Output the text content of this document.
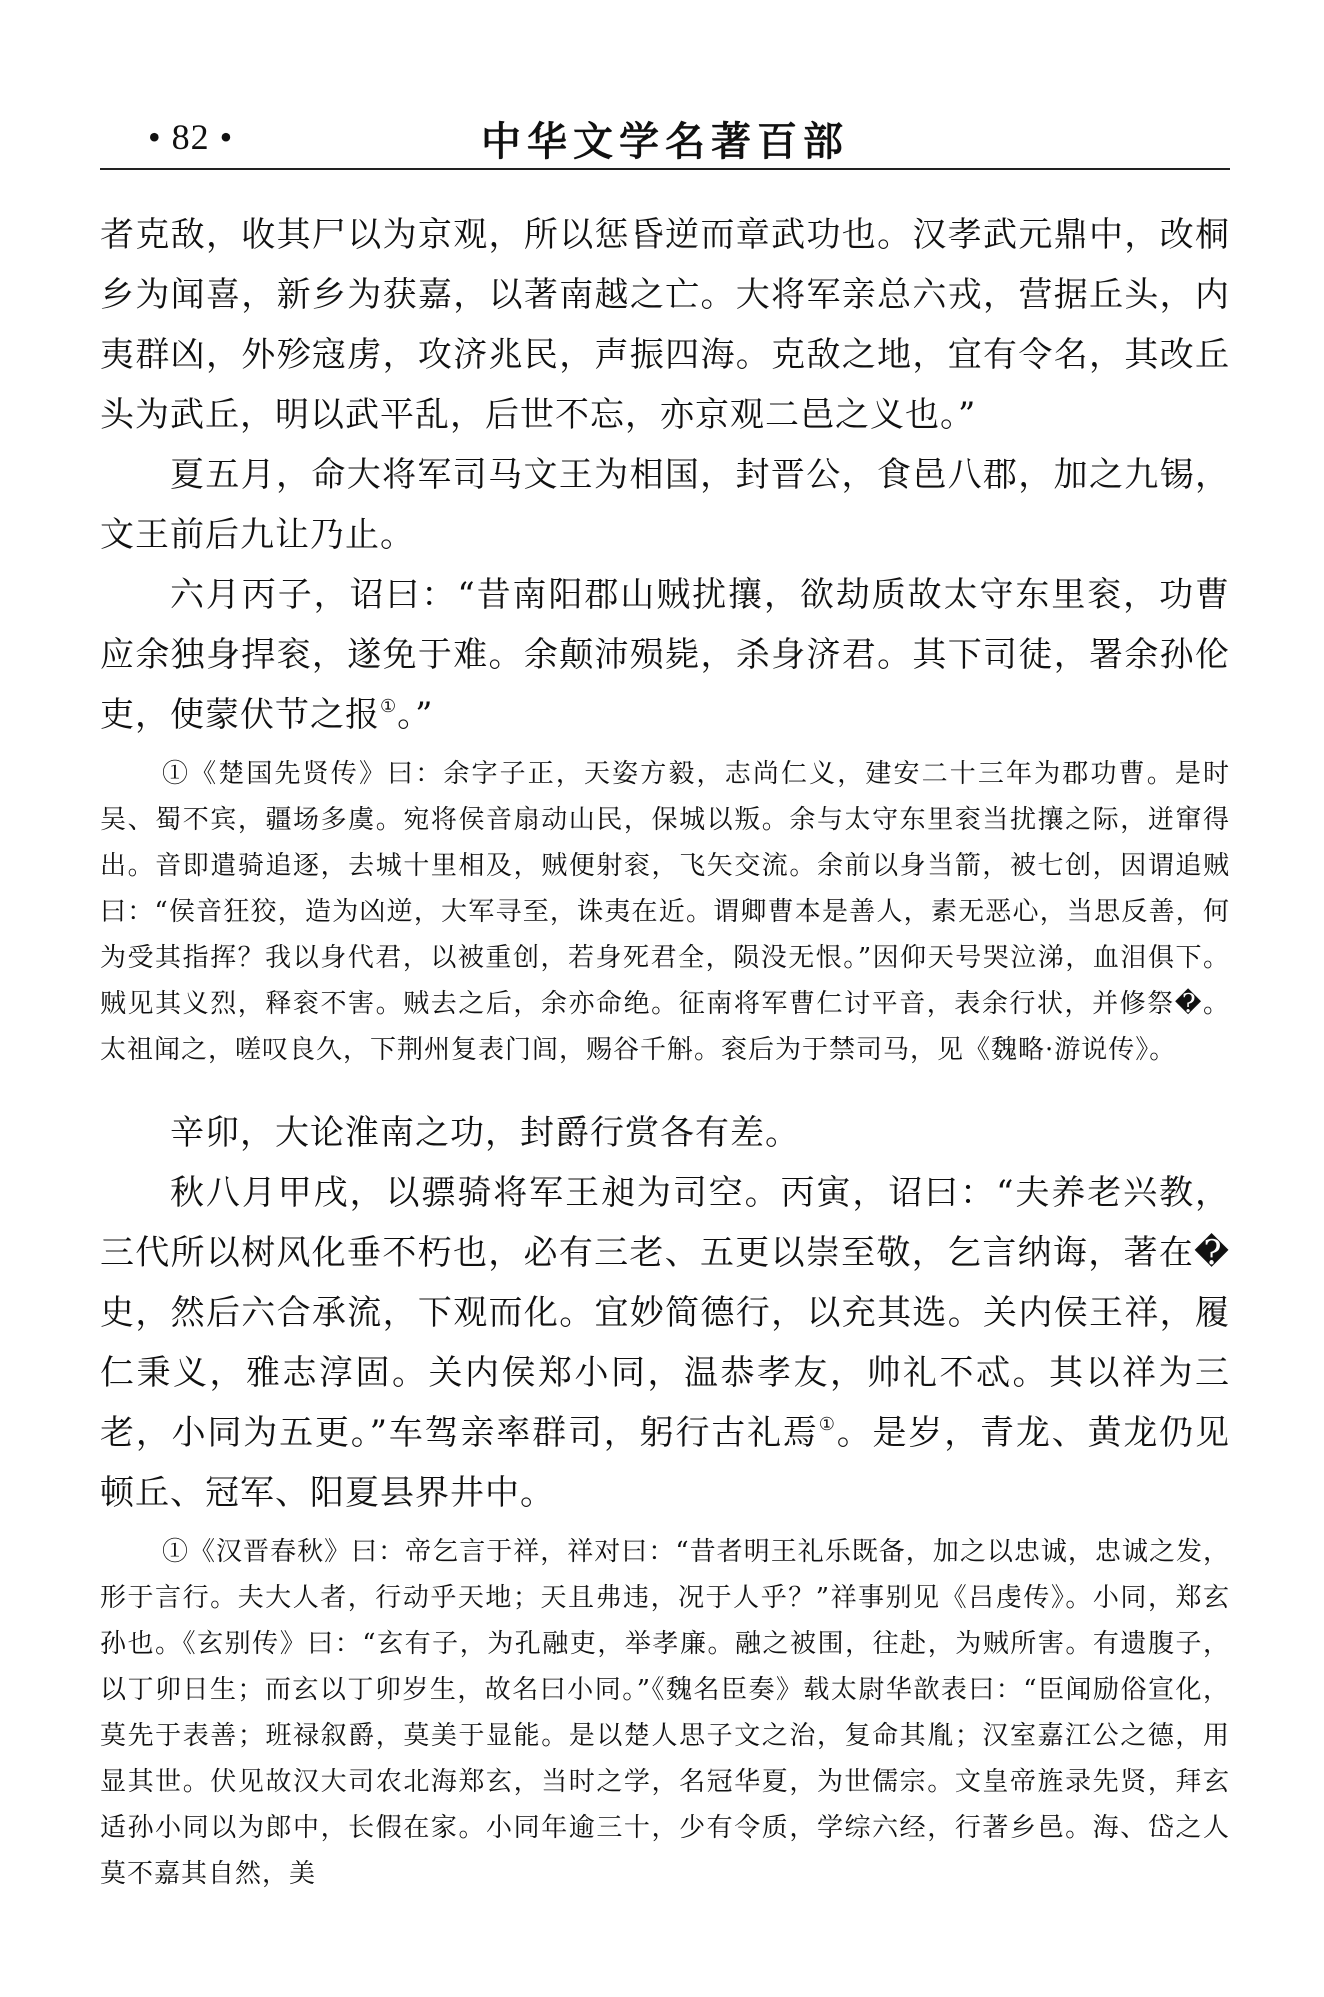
• 82 •	中华文学名著百部

者克敌，收其尸以为京观，所以惩昏逆而章武功也。汉孝武元鼎中，改桐乡为闻喜，新乡为获嘉，以著南越之亡。大将军亲总六戎，营据丘头，内夷群凶，外殄寇虏，攻济兆民，声振四海。克敌之地，宜有令名，其改丘头为武丘，明以武平乱，后世不忘，亦京观二邑之义也。”

夏五月，命大将军司马文王为相国，封晋公，食邑八郡，加之九锡，文王前后九让乃止。

六月丙子，诏曰：“昔南阳郡山贼扰攘，欲劫质故太守东里衮，功曹应余独身捍衮，遂免于难。余颠沛殒毙，杀身济君。其下司徒，署余孙伦吏，使蒙伏节之报①。”

①《楚国先贤传》曰：余字子正，天姿方毅，志尚仁义，建安二十三年为郡功曹。是时吴、蜀不宾，疆场多虞。宛将侯音扇动山民，保城以叛。余与太守东里衮当扰攘之际，迸窜得出。音即遣骑追逐，去城十里相及，贼便射衮，飞矢交流。余前以身当箭，被七创，因谓追贼曰：“侯音狂狡，造为凶逆，大军寻至，诛夷在近。谓卿曹本是善人，素无恶心，当思反善，何为受其指挥？我以身代君，以被重创，若身死君全，陨没无恨。”因仰天号哭泣涕，血泪俱下。贼见其义烈，释衮不害。贼去之后，余亦命绝。征南将军曹仁讨平音，表余行状，并修祭�。太祖闻之，嗟叹良久，下荆州复表门闾，赐谷千斛。衮后为于禁司马，见《魏略·游说传》。

辛卯，大论淮南之功，封爵行赏各有差。

秋八月甲戌，以骠骑将军王昶为司空。丙寅，诏曰：“夫养老兴教，三代所以树风化垂不朽也，必有三老、五更以崇至敬，乞言纳诲，著在�史，然后六合承流，下观而化。宜妙简德行，以充其选。关内侯王祥，履仁秉义，雅志淳固。关内侯郑小同，温恭孝友，帅礼不忒。其以祥为三老，小同为五更。”车驾亲率群司，躬行古礼焉①。是岁，青龙、黄龙仍见顿丘、冠军、阳夏县界井中。

①《汉晋春秋》曰：帝乞言于祥，祥对曰：“昔者明王礼乐既备，加之以忠诚，忠诚之发，形于言行。夫大人者，行动乎天地；天且弗违，况于人乎？”祥事别见《吕虔传》。小同，郑玄孙也。《玄别传》曰：“玄有子，为孔融吏，举孝廉。融之被围，往赴，为贼所害。有遗腹子，以丁卯日生；而玄以丁卯岁生，故名曰小同。”《魏名臣奏》载太尉华歆表曰：“臣闻励俗宣化，莫先于表善；班禄叙爵，莫美于显能。是以楚人思子文之治，复命其胤；汉室嘉江公之德，用显其世。伏见故汉大司农北海郑玄，当时之学，名冠华夏，为世儒宗。文皇帝旌录先贤，拜玄适孙小同以为郎中，长假在家。小同年逾三十，少有令质，学综六经，行著乡邑。海、岱之人莫不嘉其自然，美
